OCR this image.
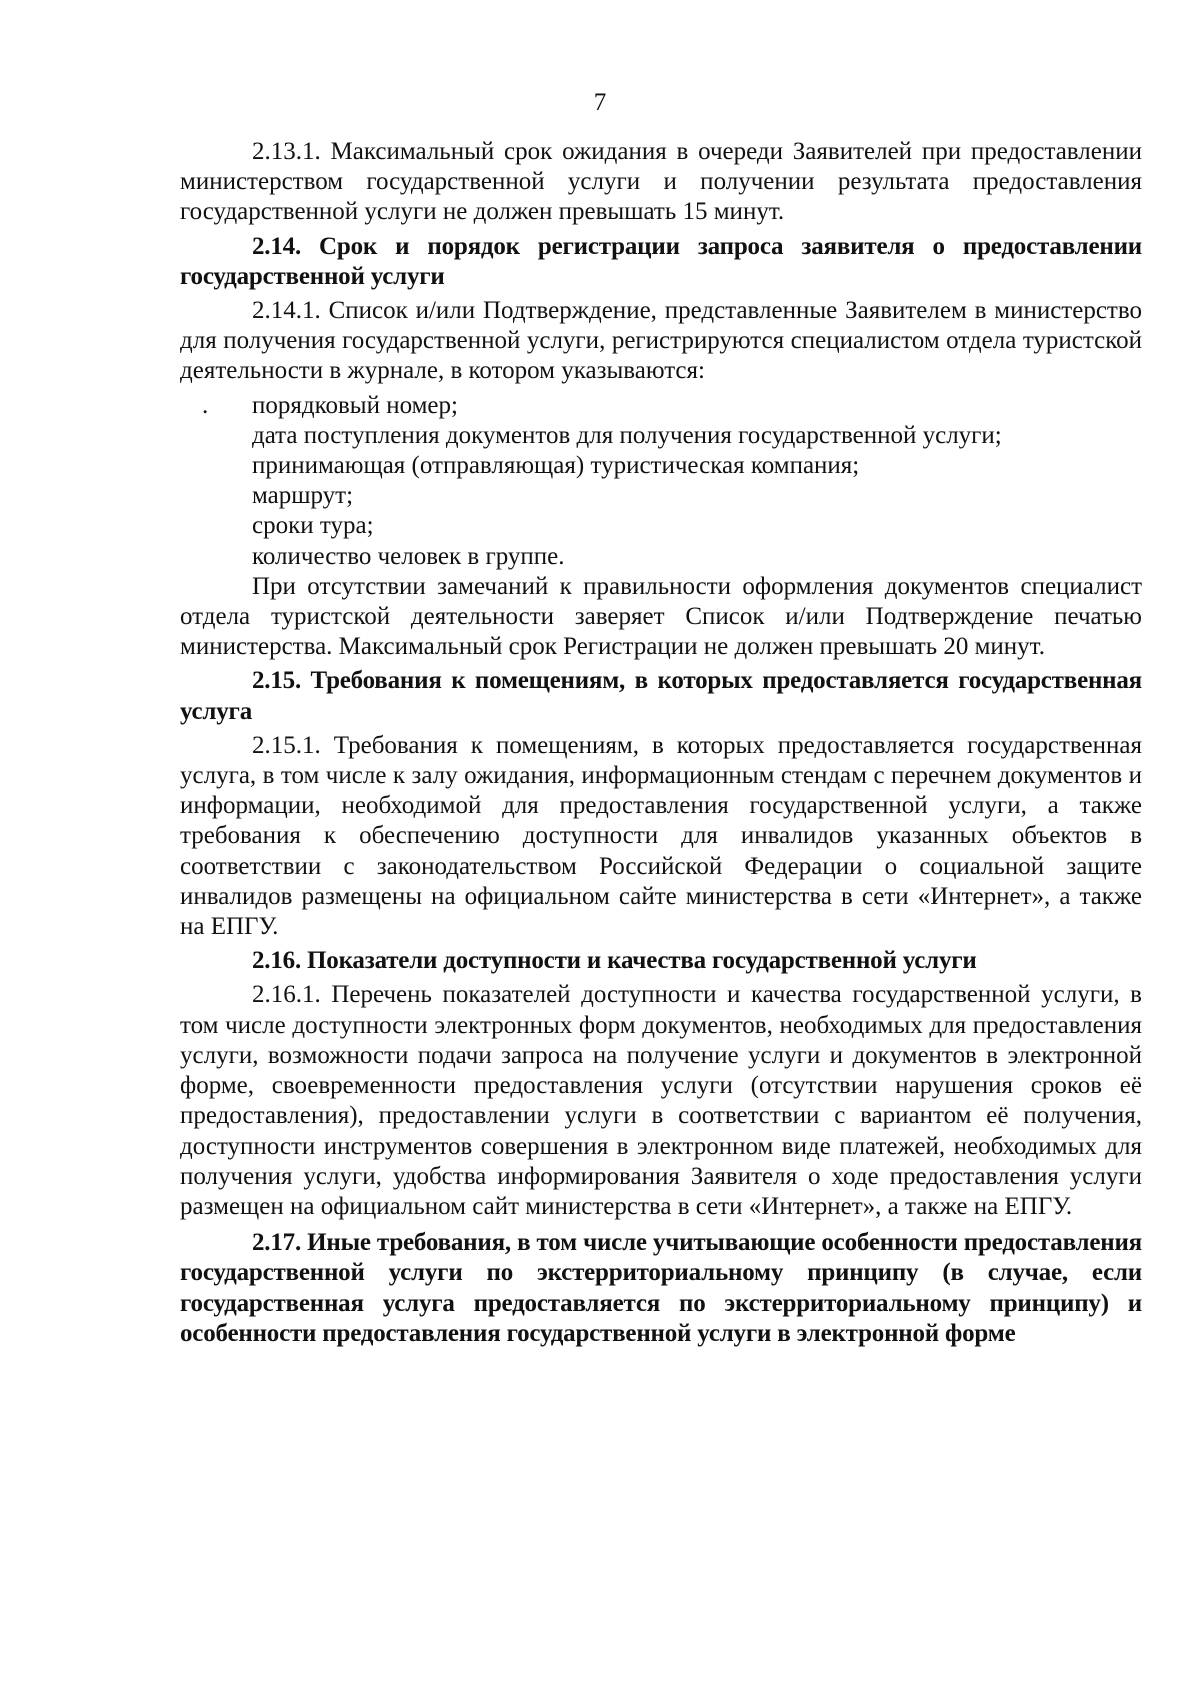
7

2.13.1. Максимальный срок ожидания в очереди Заявителей при предоставлении министерством государственной услуги и получении результата предоставления государственной услуги не должен превышать 15 минут.

2.14. Срок и порядок регистрации запроса заявителя о предоставлении государственной услуги

2.14.1. Список и/или Подтверждение, представленные Заявителем в министерство для получения государственной услуги, регистрируются специалистом отдела туристской деятельности в журнале, в котором указываются:

. порядковый номер;

дата поступления документов для получения государственной услуги;

принимающая (отправляющая) туристическая компания;

маршрут;

сроки тура;

количество человек в группе.

При отсутствии замечаний к правильности оформления документов специалист отдела туристской деятельности заверяет Список и/или Подтверждение печатью министерства. Максимальный срок Регистрации не должен превышать 20 минут.

2.15. Требования к помещениям, в которых предоставляется государственная услуга

2.15.1. Требования к помещениям, в которых предоставляется государственная услуга, в том числе к залу ожидания, информационным стендам с перечнем документов и информации, необходимой для предоставления государственной услуги, а также требования к обеспечению доступности для инвалидов указанных объектов в соответствии с законодательством Российской Федерации о социальной защите инвалидов размещены на официальном сайте министерства в сети «Интернет», а также на ЕПГУ.

2.16. Показатели доступности и качества государственной услуги

2.16.1. Перечень показателей доступности и качества государственной услуги, в том числе доступности электронных форм документов, необходимых для предоставления услуги, возможности подачи запроса на получение услуги и документов в электронной форме, своевременности предоставления услуги (отсутствии нарушения сроков её предоставления), предоставлении услуги в соответствии с вариантом её получения, доступности инструментов совершения в электронном виде платежей, необходимых для получения услуги, удобства информирования Заявителя о ходе предоставления услуги размещен на официальном сайт министерства в сети «Интернет», а также на ЕПГУ.

2.17. Иные требования, в том числе учитывающие особенности предоставления государственной услуги по экстерриториальному принципу (в случае, если государственная услуга предоставляется по экстерриториальному принципу) и особенности предоставления государственной услуги в электронной форме
